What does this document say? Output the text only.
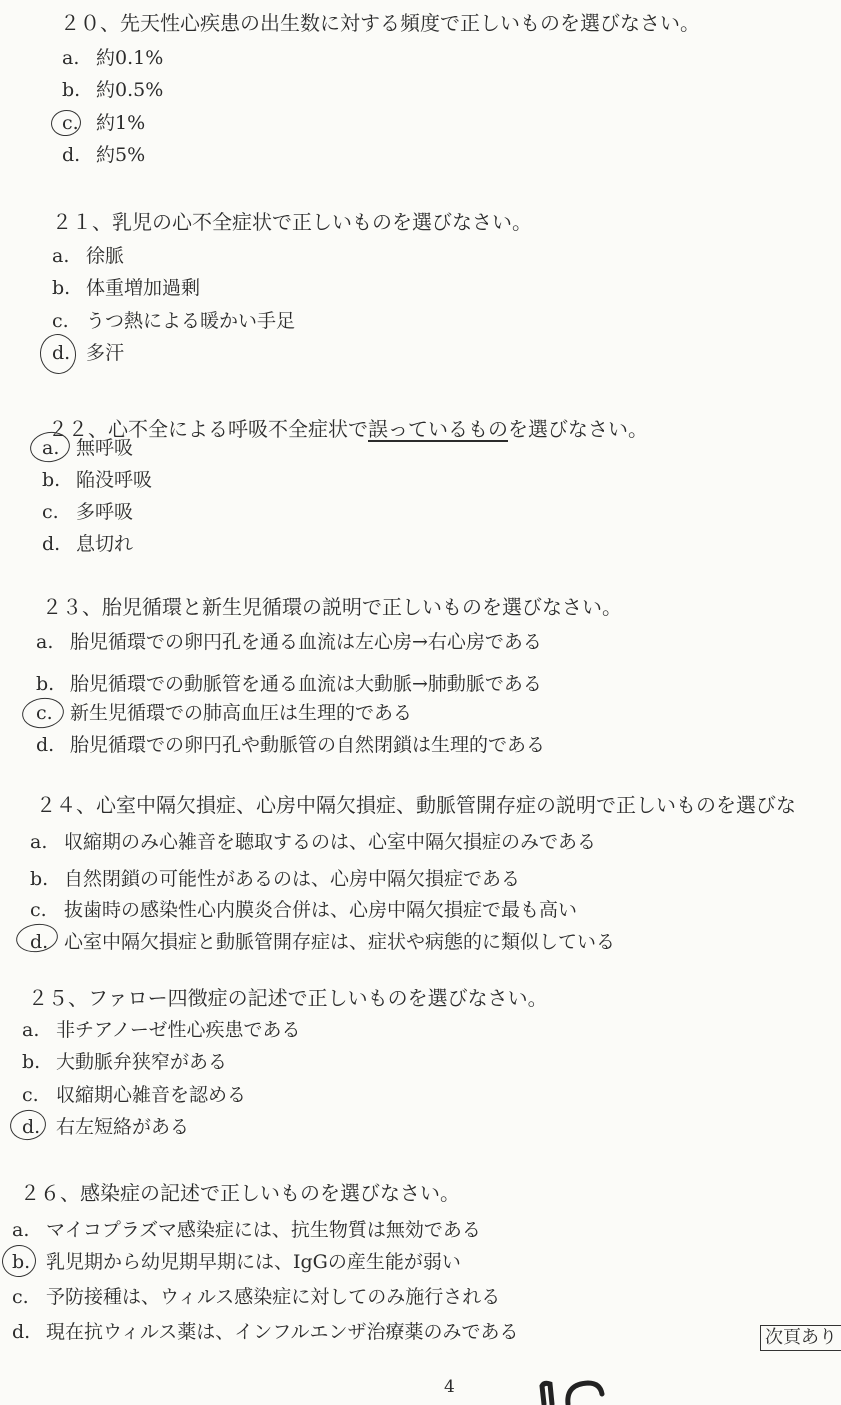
２０、先天性心疾患の出生数に対する頻度で正しいものを選びなさい。
a. 約0.1%
b. 約0.5%
c. 約1%
d. 約5%
２１、乳児の心不全症状で正しいものを選びなさい。
a. 徐脈
b. 体重増加過剰
c. うつ熱による暖かい手足
d. 多汗
２２、心不全による呼吸不全症状で誤っているものを選びなさい。
a. 無呼吸
b. 陥没呼吸
c. 多呼吸
d. 息切れ
２３、胎児循環と新生児循環の説明で正しいものを選びなさい。
a. 胎児循環での卵円孔を通る血流は左心房→右心房である
b. 胎児循環での動脈管を通る血流は大動脈→肺動脈である
c. 新生児循環での肺高血圧は生理的である
d. 胎児循環での卵円孔や動脈管の自然閉鎖は生理的である
２４、心室中隔欠損症、心房中隔欠損症、動脈管開存症の説明で正しいものを選びな
a. 収縮期のみ心雑音を聴取するのは、心室中隔欠損症のみである
b. 自然閉鎖の可能性があるのは、心房中隔欠損症である
c. 抜歯時の感染性心内膜炎合併は、心房中隔欠損症で最も高い
d. 心室中隔欠損症と動脈管開存症は、症状や病態的に類似している
２５、ファロー四徴症の記述で正しいものを選びなさい。
a. 非チアノーゼ性心疾患である
b. 大動脈弁狭窄がある
c. 収縮期心雑音を認める
d. 右左短絡がある
２６、感染症の記述で正しいものを選びなさい。
a. マイコプラズマ感染症には、抗生物質は無効である
b. 乳児期から幼児期早期には、IgGの産生能が弱い
c. 予防接種は、ウィルス感染症に対してのみ施行される
d. 現在抗ウィルス薬は、インフルエンザ治療薬のみである	次頁あり
4
